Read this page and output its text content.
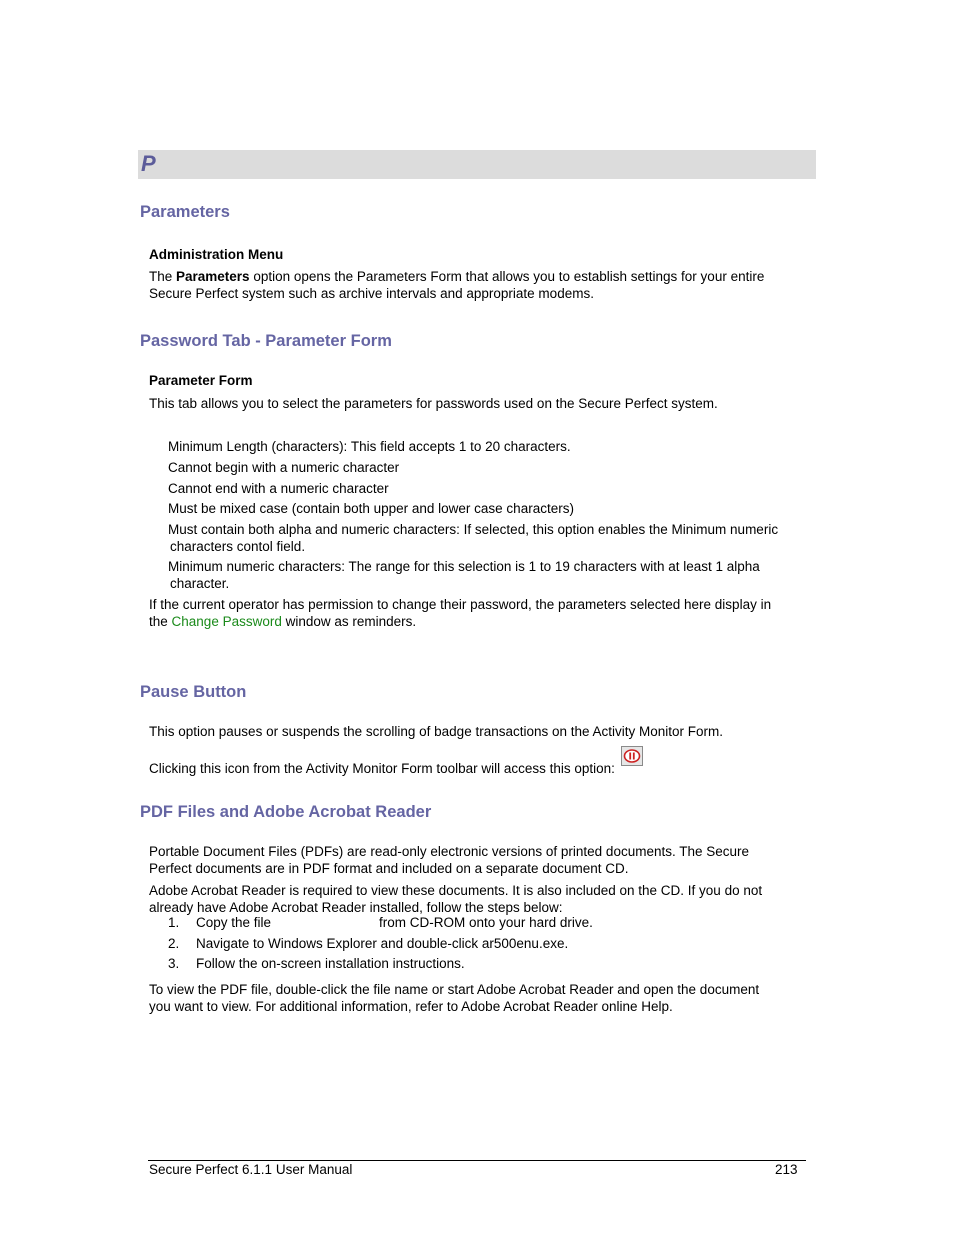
P
Parameters
Administration Menu
The Parameters option opens the Parameters Form that allows you to establish settings for your entire Secure Perfect system such as archive intervals and appropriate modems.
Password Tab - Parameter Form
Parameter Form
This tab allows you to select the parameters for passwords used on the Secure Perfect system.
Minimum Length (characters): This field accepts 1 to 20 characters.
Cannot begin with a numeric character
Cannot end with a numeric character
Must be mixed case (contain both upper and lower case characters)
Must contain both alpha and numeric characters: If selected, this option enables the Minimum numeric
characters contol field.
Minimum numeric characters: The range for this selection is 1 to 19 characters with at least 1 alpha
character.
If the current operator has permission to change their password, the parameters selected here display in
the Change Password window as reminders.
Pause Button
This option pauses or suspends the scrolling of badge transactions on the Activity Monitor Form.
Clicking this icon from the Activity Monitor Form toolbar will access this option:
PDF Files and Adobe Acrobat Reader
Portable Document Files (PDFs) are read-only electronic versions of printed documents. The Secure
Perfect documents are in PDF format and included on a separate document CD.
Adobe Acrobat Reader is required to view these documents. It is also included on the CD. If you do not
already have Adobe Acrobat Reader installed, follow the steps below:
1. Copy the file	from CD-ROM onto your hard drive.
2. Navigate to Windows Explorer and double-click ar500enu.exe.
3. Follow the on-screen installation instructions.
To view the PDF file, double-click the file name or start Adobe Acrobat Reader and open the document
you want to view. For additional information, refer to Adobe Acrobat Reader online Help.
Secure Perfect 6.1.1 User Manual	213
